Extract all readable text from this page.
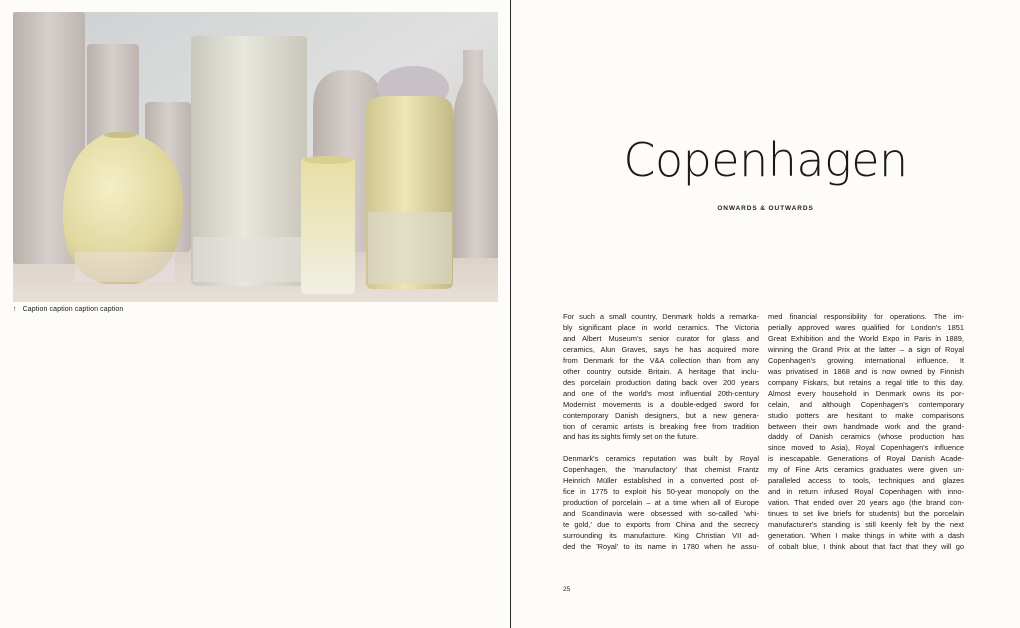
↑ Caption caption caption caption
Copenhagen
ONWARDS & OUTWARDS

For such a small country, Denmark holds a remarka-
bly significant place in world ceramics. The Victoria
and Albert Museum's senior curator for glass and
ceramics, Alun Graves, says he has acquired more
from Denmark for the V&A collection than from any
other country outside Britain. A heritage that inclu-
des porcelain production dating back over 200 years
and one of the world's most influential 20th-century
Modernist movements is a double-edged sword for
contemporary Danish designers, but a new genera-
tion of ceramic artists is breaking free from tradition
and has its sights firmly set on the future.

Denmark's ceramics reputation was built by Royal
Copenhagen, the 'manufactory' that chemist Frantz
Heinrich Müller established in a converted post of-
fice in 1775 to exploit his 50-year monopoly on the
production of porcelain – at a time when all of Europe
and Scandinavia were obsessed with so-called 'whi-
te gold,' due to exports from China and the secrecy
surrounding its manufacture. King Christian VII ad-
ded the 'Royal' to its name in 1780 when he assu-

med financial responsibility for operations. The im-
perially approved wares qualified for London's 1851
Great Exhibition and the World Expo in Paris in 1889,
winning the Grand Prix at the latter – a sign of Royal
Copenhagen's growing international influence. It
was privatised in 1868 and is now owned by Finnish
company Fiskars, but retains a regal title to this day.
Almost every household in Denmark owns its por-
celain, and although Copenhagen's contemporary
studio potters are hesitant to make comparisons
between their own handmade work and the grand-
daddy of Danish ceramics (whose production has
since moved to Asia), Royal Copenhagen's influence
is inescapable. Generations of Royal Danish Acade-
my of Fine Arts ceramics graduates were given un-
paralleled access to tools, techniques and glazes
and in return infused Royal Copenhagen with inno-
vation. That ended over 20 years ago (the brand con-
tinues to set live briefs for students) but the porcelain
manufacturer's standing is still keenly felt by the next
generation. 'When I make things in white with a dash
of cobalt blue, I think about that fact that they will go

25
